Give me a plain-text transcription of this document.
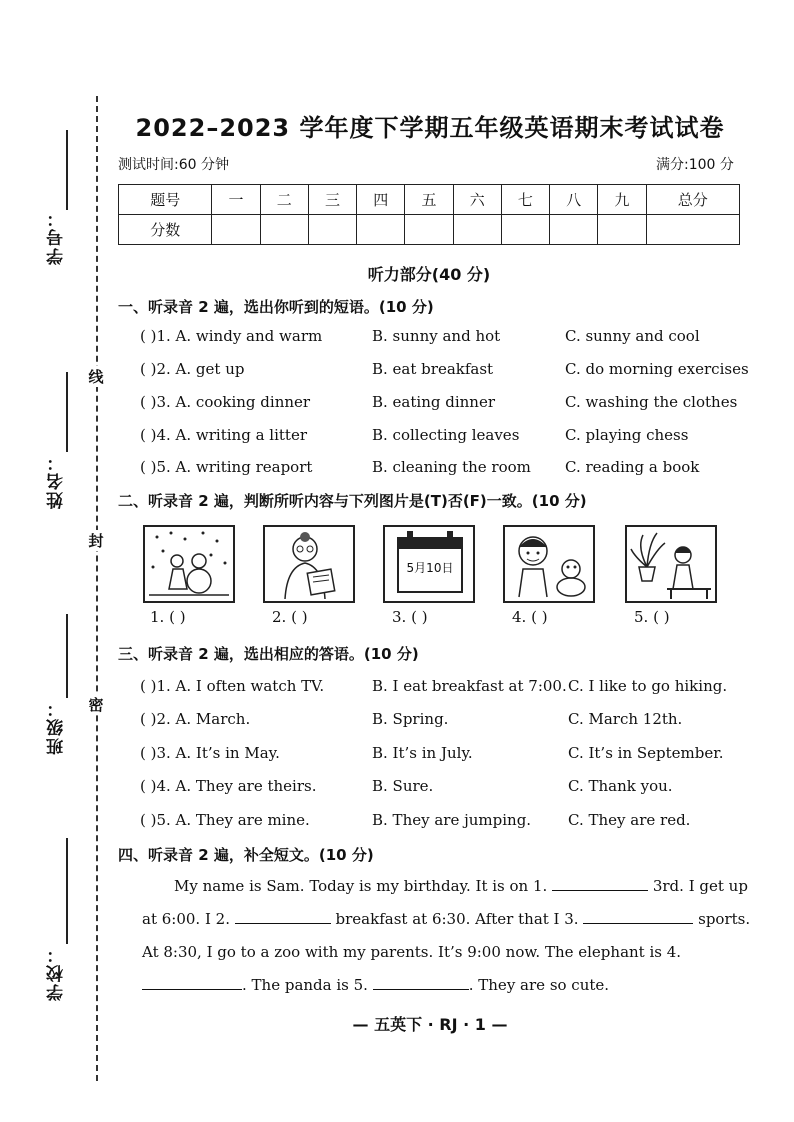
线
封
密
学号：
姓名：
班级：
学校：
2022–2023 学年度下学期五年级英语期末考试试卷
测试时间:60 分钟	满分:100 分
题号	一	二	三	四	五	六	七	八	九	总分
分数										
听力部分(40 分)
一、听录音 2 遍，选出你听到的短语。(10 分)
( )1. A. windy and warm	B. sunny and hot	C. sunny and cool
( )2. A. get up	B. eat breakfast	C. do morning exercises
( )3. A. cooking dinner	B. eating dinner	C. washing the clothes
( )4. A. writing a litter	B. collecting leaves	C. playing chess
( )5. A. writing reaport	B. cleaning the room C. reading a book
二、听录音 2 遍，判断所听内容与下列图片是(T)否(F)一致。(10 分)
5月10日
1. ( )	2. ( )	3. ( )	4. ( )	5. ( )
三、听录音 2 遍，选出相应的答语。(10 分)
( )1. A. I often watch TV.	B. I eat breakfast at 7:00. C. I like to go hiking.
( )2. A. March.	B. Spring.	C. March 12th.
( )3. A. It’s in May.	B. It’s in July.	C. It’s in September.
( )4. A. They are theirs.	B. Sure.	C. Thank you.
( )5. A. They are mine.	B. They are jumping. C. They are red.
四、听录音 2 遍，补全短文。(10 分)
My name is Sam. Today is my birthday. It is on 1.	3rd. I get up at 6:00. I 2.	breakfast at 6:30. After that I 3.	sports. At 8:30, I go to a zoo with my parents. It’s 9:00 now. The elephant is 4. . The panda is 5.	. They are so cute.
— 五英下 · RJ · 1 —
